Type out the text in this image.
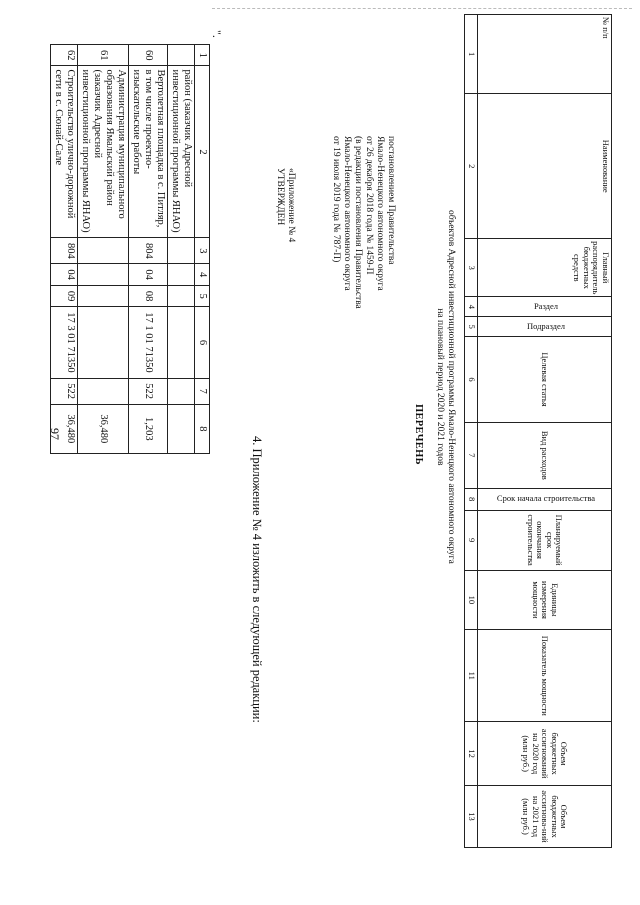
97
1	2	3	4	5	6	7	8
	район (заказчик Адресной инвестиционной программы ЯНАО)						
60	Вертолетная площадка в с. Питляр, в том числе проектно-изыскательские работы	804	04	08	17 1 01 71350	522	1,203
61	Администрация муниципального образования Ямальский район (заказчик Адресной инвестиционной программы ЯНАО)						36,480
62	Строительство улично-дорожной сети в с. Сюнай-Сале	804	04	09	17 3 01 71350	522	36,480
".
4. Приложение № 4 изложить в следующей редакции:
«Приложение № 4
УТВЕРЖДЕН	постановлением Правительства
Ямало-Ненецкого автономного округа
от 26 декабря 2018 года № 1459-П
(в редакции постановления Правительства
Ямало-Ненецкого автономного округа
от 19 июля 2019 года № 787-П)
ПЕРЕЧЕНЬ объектов Адресной инвестиционной программы Ямало-Ненецкого автономного округа
на плановый период 2020 и 2021 годов
№ п/п	Наименование	Главный распорядитель бюджетных средств	Раздел	Подраздел	Целевая статья	Вид расходов	Срок начала строительства	Планируемый срок окончания строительства	Единицы измерения мощности	Показатель мощности	Объем бюджетных ассигнований на 2020 год (млн руб.)	Объем бюджетных ассигнова-ний на 2021 год (млн руб.)
1	2	3	4	5	6	7	8	9	10	11	12	13
